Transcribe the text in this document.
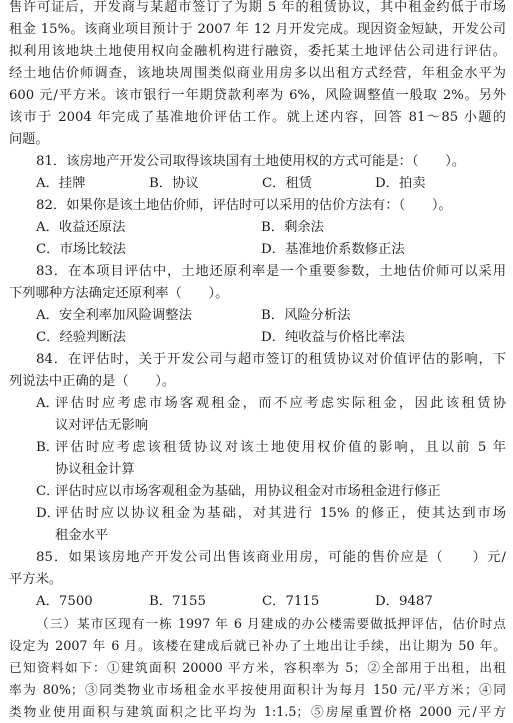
售许可证后，开发商与某超市签订了为期 5 年的租赁协议，其中租金约低于市场
租金 15%。该商业项目预计于 2007 年 12 月开发完成。现因资金短缺，开发公司
拟利用该地块土地使用权向金融机构进行融资，委托某土地评估公司进行评估。
经土地估价师调查，该地块周围类似商业用房多以出租方式经营，年租金水平为
600 元/平方米。该市银行一年期贷款利率为 6%，风险调整值一般取 2%。另外
该市于 2004 年完成了基准地价评估工作。就上述内容，回答 81～85 小题的
问题。
81．该房地产开发公司取得该块国有土地使用权的方式可能是：（　　）。
A．挂牌	B．协议	C．租赁	D．拍卖
82．如果你是该土地估价师，评估时可以采用的估价方法有：（　　）。
A．收益还原法	B．剩余法
C．市场比较法	D．基准地价系数修正法
83．在本项目评估中，土地还原利率是一个重要参数，土地估价师可以采用
下列哪种方法确定还原利率（　　）。
A．安全利率加风险调整法	B．风险分析法
C．经验判断法	D．纯收益与价格比率法
84．在评估时，关于开发公司与超市签订的租赁协议对价值评估的影响，下
列说法中正确的是（　　）。
A．
评估时应考虑市场客观租金，而不应考虑实际租金，因此该租赁协
议对评估无影响
B．
评估时应考虑该租赁协议对该土地使用权价值的影响，且以前 5 年
协议租金计算
C．
评估时应以市场客观租金为基础，用协议租金对市场租金进行修正
D．
评估时应以协议租金为基础，对其进行 15% 的修正，使其达到市场
租金水平
85．如果该房地产开发公司出售该商业用房，可能的售价应是（　　）元/
平方米。
A．7500	B．7155	C．7115	D．9487
（三）某市区现有一栋 1997 年 6 月建成的办公楼需要做抵押评估，估价时点
设定为 2007 年 6 月。该楼在建成后就已补办了土地出让手续，出让期为 50 年。
已知资料如下：①建筑面积 20000 平方米，容积率为 5；②全部用于出租，出租
率为 80%；③同类物业市场租金水平按使用面积计为每月 150 元/平方米；④同
类物业使用面积与建筑面积之比平均为 1:1.5；⑤房屋重置价格 2000 元/平方
